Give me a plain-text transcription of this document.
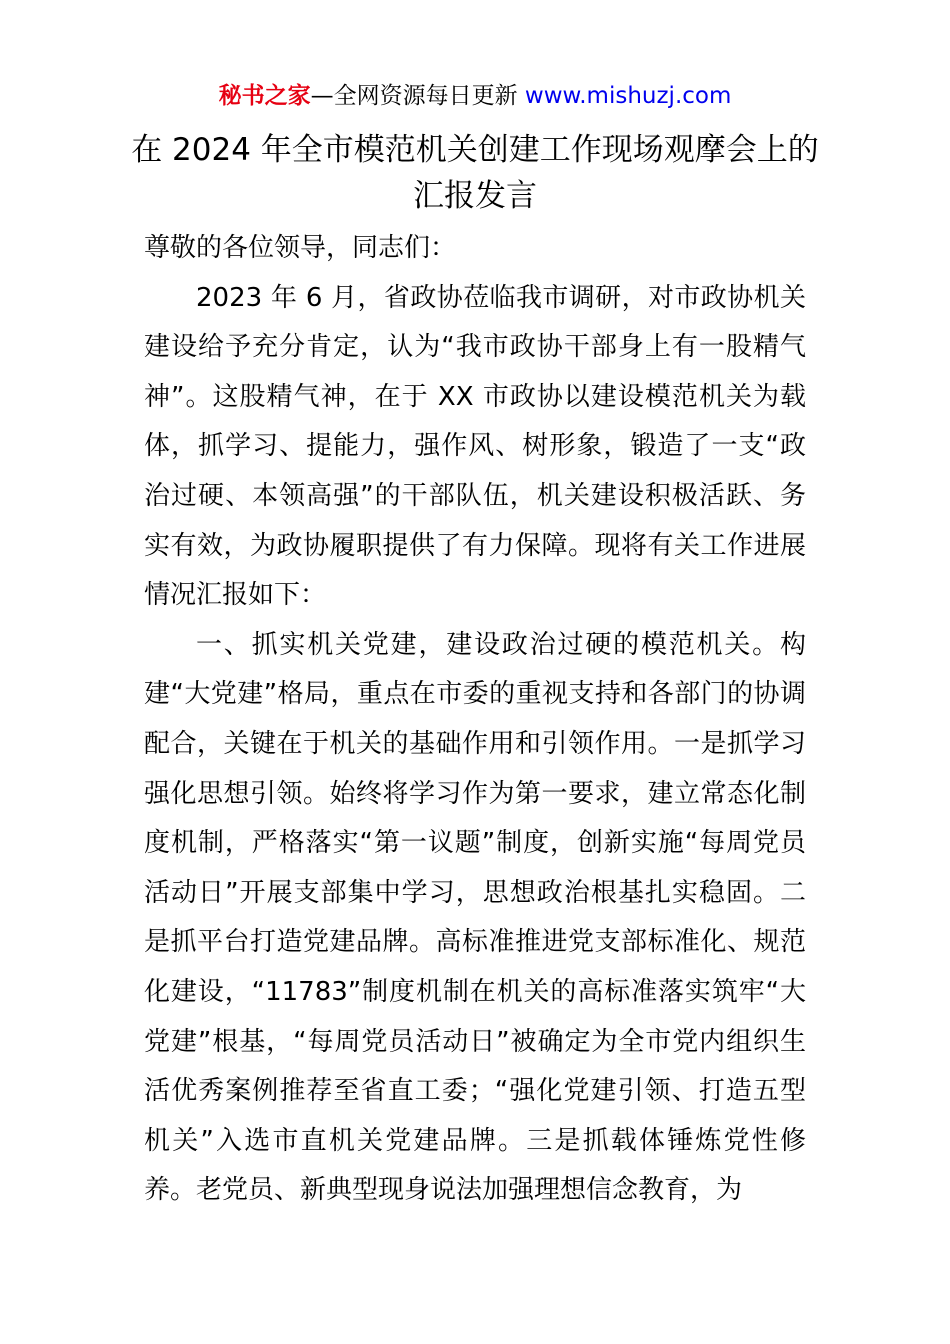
秘书之家—全网资源每日更新 www.mishuzj.com
在 2024 年全市模范机关创建工作现场观摩会上的汇报发言

尊敬的各位领导，同志们：

2023 年 6 月，省政协莅临我市调研，对市政协机关建设给予充分肯定，认为“我市政协干部身上有一股精气神”。这股精气神，在于 XX 市政协以建设模范机关为载体，抓学习、提能力，强作风、树形象，锻造了一支“政治过硬、本领高强”的干部队伍，机关建设积极活跃、务实有效，为政协履职提供了有力保障。现将有关工作进展情况汇报如下：

一、抓实机关党建，建设政治过硬的模范机关。构建“大党建”格局，重点在市委的重视支持和各部门的协调配合，关键在于机关的基础作用和引领作用。一是抓学习强化思想引领。始终将学习作为第一要求，建立常态化制度机制，严格落实“第一议题”制度，创新实施“每周党员活动日”开展支部集中学习，思想政治根基扎实稳固。二是抓平台打造党建品牌。高标准推进党支部标准化、规范化建设，“11783”制度机制在机关的高标准落实筑牢“大党建”根基，“每周党员活动日”被确定为全市党内组织生活优秀案例推荐至省直工委；“强化党建引领、打造五型机关”入选市直机关党建品牌。三是抓载体锤炼党性修养。老党员、新典型现身说法加强理想信念教育，为
